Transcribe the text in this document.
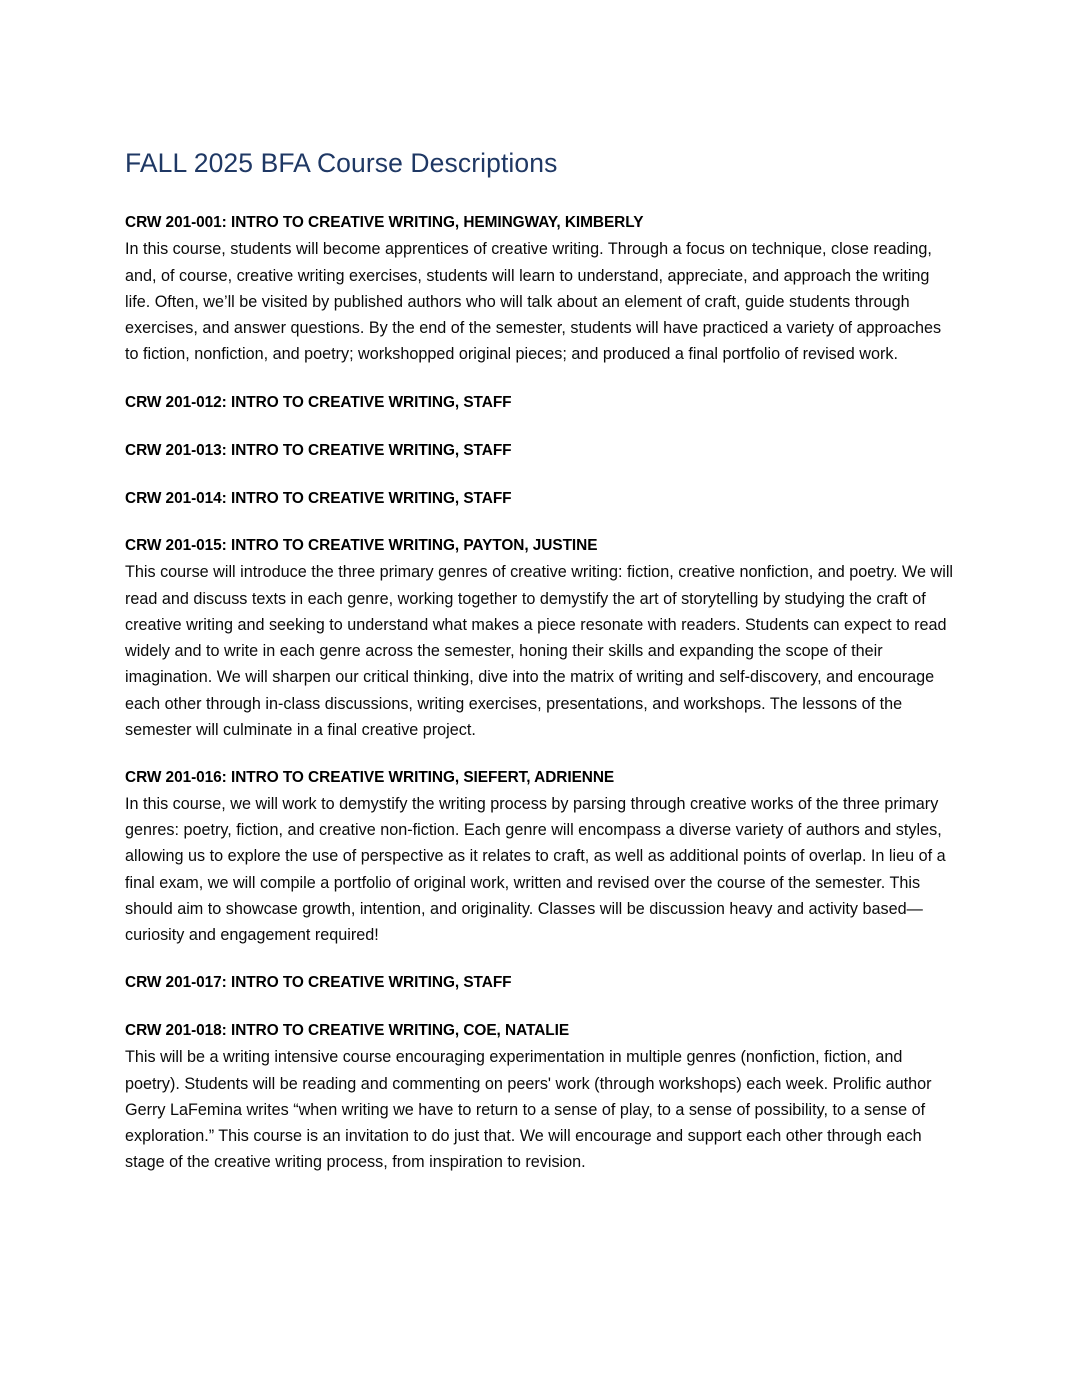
FALL 2025 BFA Course Descriptions

CRW 201-001: INTRO TO CREATIVE WRITING, HEMINGWAY, KIMBERLY

In this course, students will become apprentices of creative writing. Through a focus on technique, close reading, and, of course, creative writing exercises, students will learn to understand, appreciate, and approach the writing life. Often, we’ll be visited by published authors who will talk about an element of craft, guide students through exercises, and answer questions. By the end of the semester, students will have practiced a variety of approaches to fiction, nonfiction, and poetry; workshopped original pieces; and produced a final portfolio of revised work.

CRW 201-012: INTRO TO CREATIVE WRITING, STAFF

CRW 201-013: INTRO TO CREATIVE WRITING, STAFF

CRW 201-014: INTRO TO CREATIVE WRITING, STAFF

CRW 201-015: INTRO TO CREATIVE WRITING, PAYTON, JUSTINE

This course will introduce the three primary genres of creative writing: fiction, creative nonfiction, and poetry. We will read and discuss texts in each genre, working together to demystify the art of storytelling by studying the craft of creative writing and seeking to understand what makes a piece resonate with readers. Students can expect to read widely and to write in each genre across the semester, honing their skills and expanding the scope of their imagination. We will sharpen our critical thinking, dive into the matrix of writing and self-discovery, and encourage each other through in-class discussions, writing exercises, presentations, and workshops. The lessons of the semester will culminate in a final creative project.

CRW 201-016: INTRO TO CREATIVE WRITING, SIEFERT, ADRIENNE

In this course, we will work to demystify the writing process by parsing through creative works of the three primary genres: poetry, fiction, and creative non-fiction. Each genre will encompass a diverse variety of authors and styles, allowing us to explore the use of perspective as it relates to craft, as well as additional points of overlap. In lieu of a final exam, we will compile a portfolio of original work, written and revised over the course of the semester. This should aim to showcase growth, intention, and originality. Classes will be discussion heavy and activity based—curiosity and engagement required!

CRW 201-017: INTRO TO CREATIVE WRITING, STAFF

CRW 201-018: INTRO TO CREATIVE WRITING, COE, NATALIE

This will be a writing intensive course encouraging experimentation in multiple genres (nonfiction, fiction, and poetry). Students will be reading and commenting on peers' work (through workshops) each week. Prolific author Gerry LaFemina writes “when writing we have to return to a sense of play, to a sense of possibility, to a sense of exploration.” This course is an invitation to do just that. We will encourage and support each other through each stage of the creative writing process, from inspiration to revision.
